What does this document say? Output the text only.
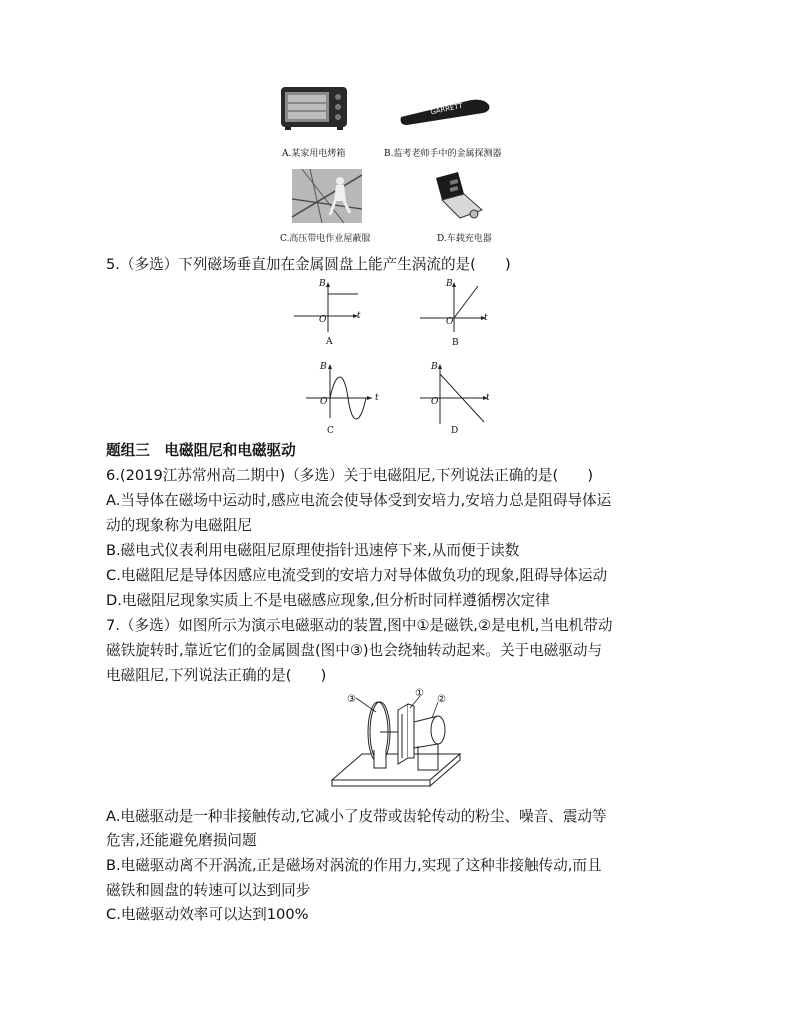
A.某家用电烤箱
GARRETT
B.监考老师手中的金属探测器
C.高压带电作业屋蔽服	D.车载充电器
5.（多选）下列磁场垂直加在金属圆盘上能产生涡流的是(　　)
B
t
O
A
B
t
O
B
B
t
O
C
B
t
O
D
题组三　电磁阻尼和电磁驱动
6.(2019江苏常州高二期中)（多选）关于电磁阻尼,下列说法正确的是(　　)
A.当导体在磁场中运动时,感应电流会使导体受到安培力,安培力总是阻碍导体运
动的现象称为电磁阻尼
B.磁电式仪表利用电磁阻尼原理使指针迅速停下来,从而便于读数
C.电磁阻尼是导体因感应电流受到的安培力对导体做负功的现象,阻碍导体运动
D.电磁阻尼现象实质上不是电磁感应现象,但分析时同样遵循楞次定律
7.（多选）如图所示为演示电磁驱动的装置,图中①是磁铁,②是电机,当电机带动
磁铁旋转时,靠近它们的金属圆盘(图中③)也会绕轴转动起来。关于电磁驱动与
电磁阻尼,下列说法正确的是(　　)
③
①
②
A.电磁驱动是一种非接触传动,它减小了皮带或齿轮传动的粉尘、噪音、震动等
危害,还能避免磨损问题
B.电磁驱动离不开涡流,正是磁场对涡流的作用力,实现了这种非接触传动,而且
磁铁和圆盘的转速可以达到同步
C.电磁驱动效率可以达到100%
